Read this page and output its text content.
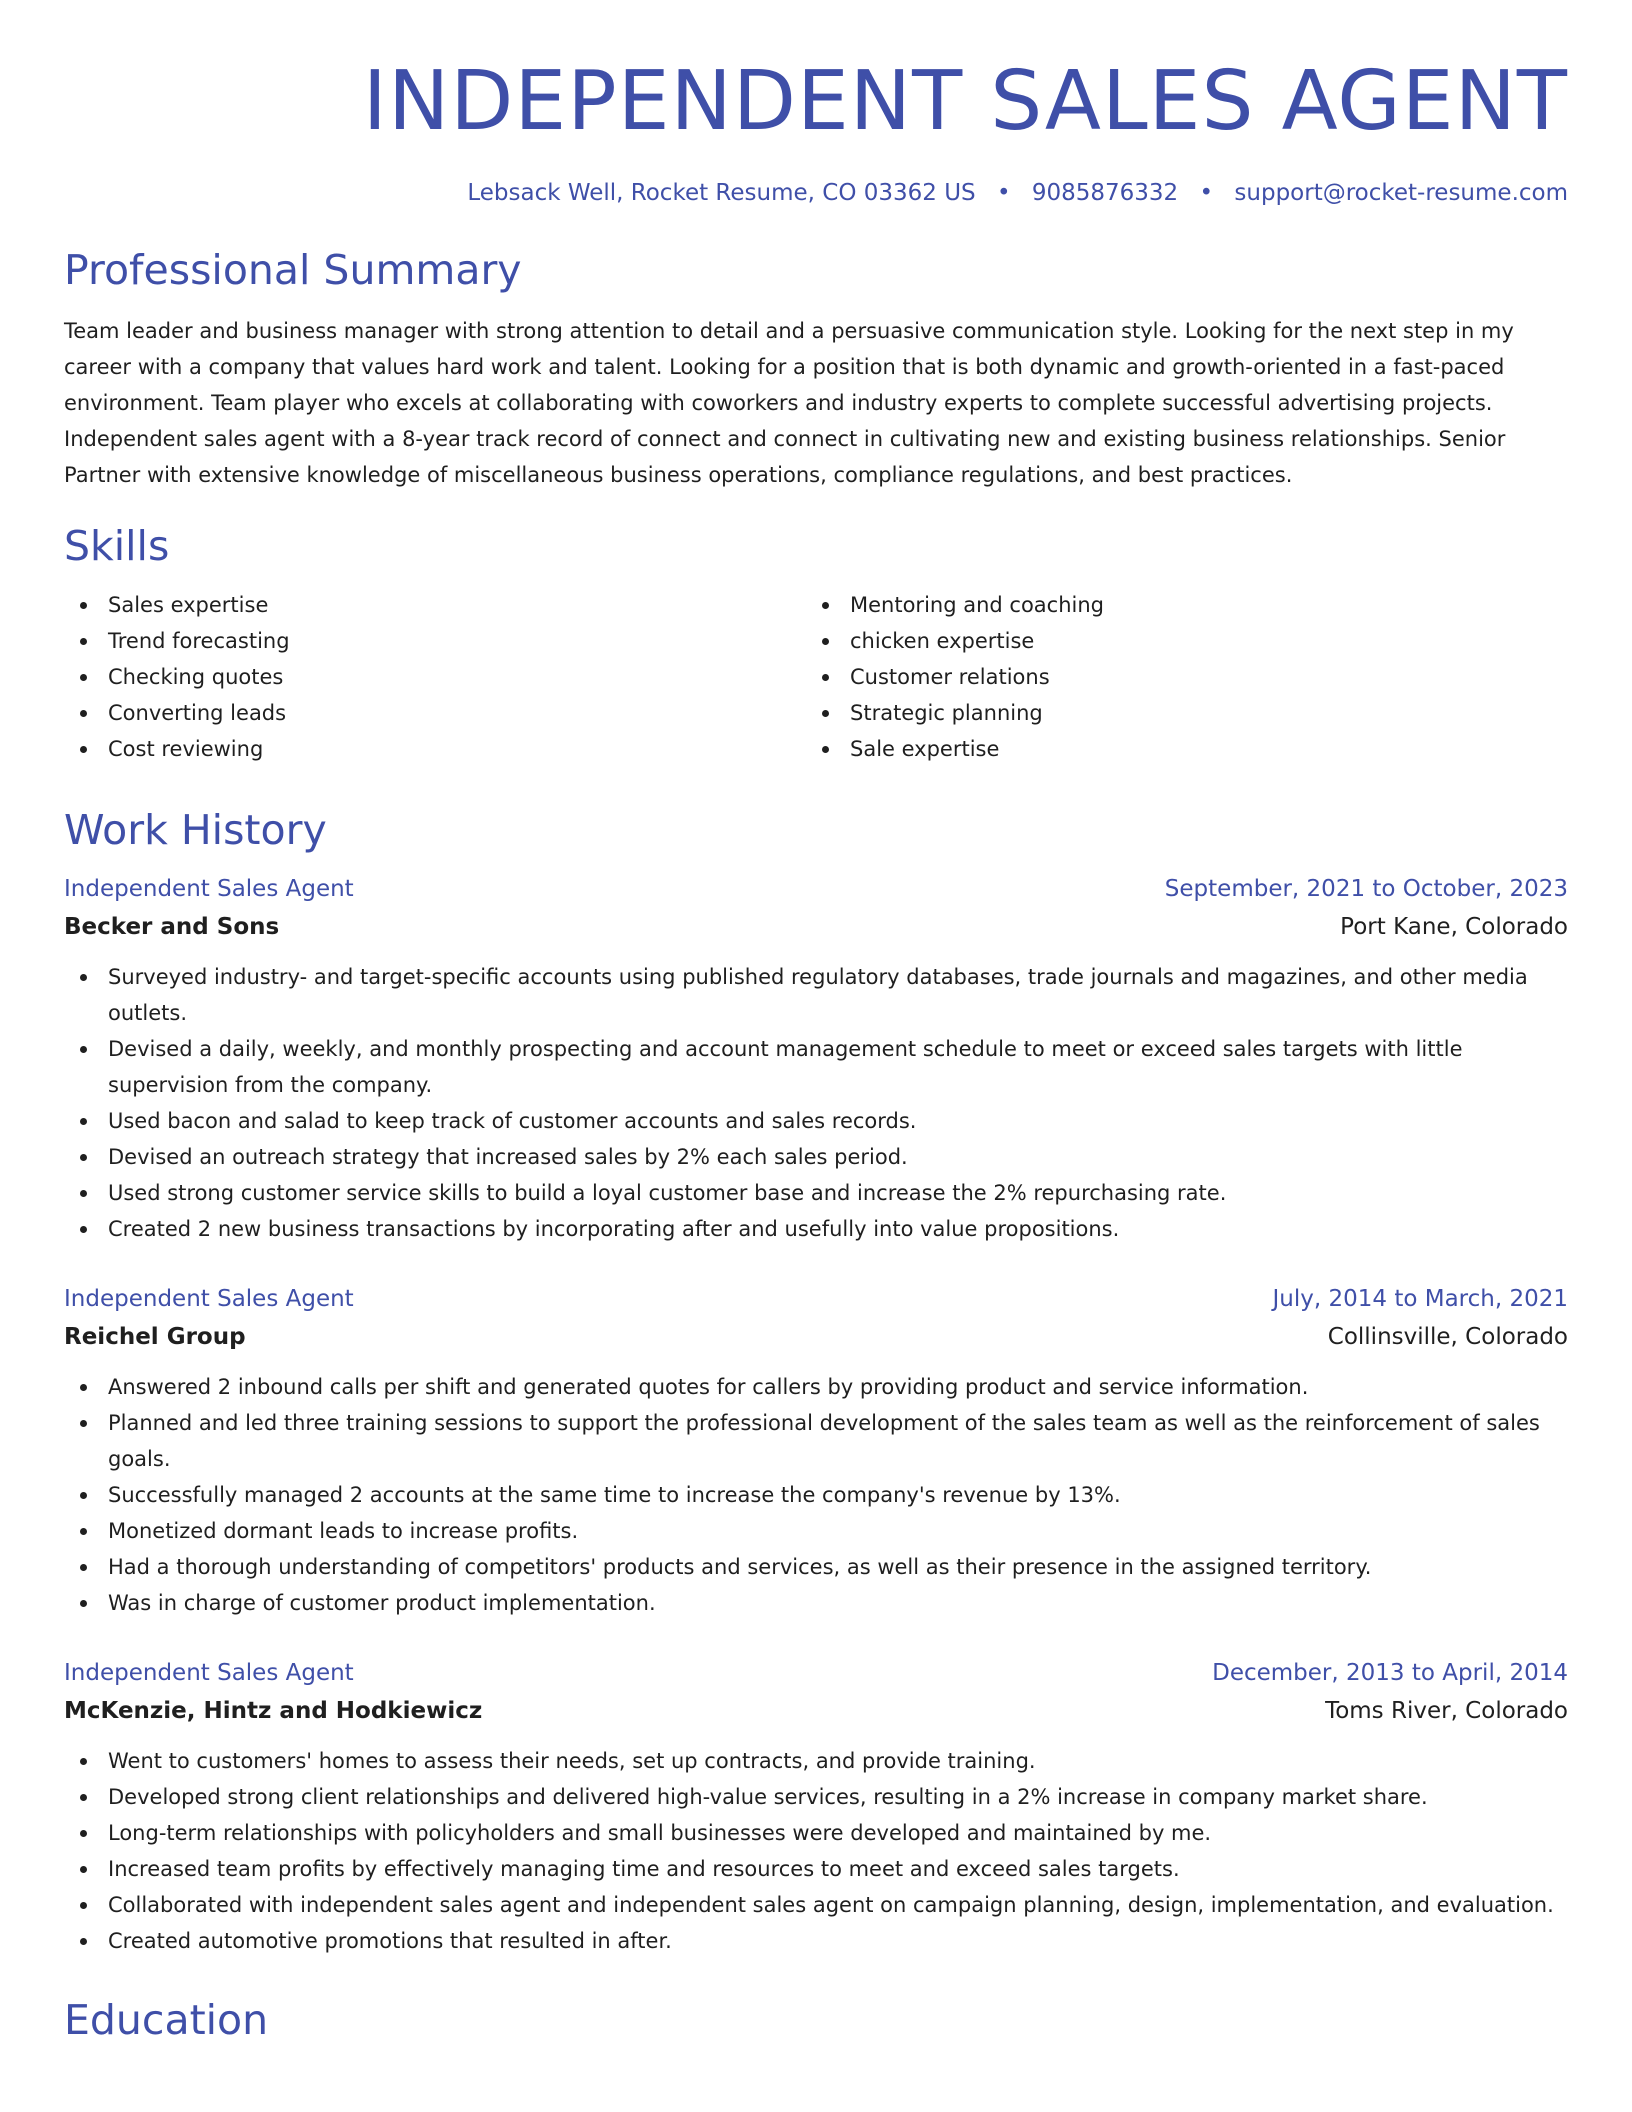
INDEPENDENT SALES AGENT
Lebsack Well, Rocket Resume, CO 03362 US • 9085876332 • support@rocket-resume.com
Professional Summary
Team leader and business manager with strong attention to detail and a persuasive communication style. Looking for the next step in my career with a company that values hard work and talent. Looking for a position that is both dynamic and growth-oriented in a fast-paced environment. Team player who excels at collaborating with coworkers and industry experts to complete successful advertising projects. Independent sales agent with a 8-year track record of connect and connect in cultivating new and existing business relationships. Senior Partner with extensive knowledge of miscellaneous business operations, compliance regulations, and best practices.
Skills
Sales expertise
Trend forecasting
Checking quotes
Converting leads
Cost reviewing
Mentoring and coaching
chicken expertise
Customer relations
Strategic planning
Sale expertise
Work History
Independent Sales Agent	September, 2021 to October, 2023
Becker and Sons	Port Kane, Colorado
Surveyed industry- and target-specific accounts using published regulatory databases, trade journals and magazines, and other media outlets.
Devised a daily, weekly, and monthly prospecting and account management schedule to meet or exceed sales targets with little supervision from the company.
Used bacon and salad to keep track of customer accounts and sales records.
Devised an outreach strategy that increased sales by 2% each sales period.
Used strong customer service skills to build a loyal customer base and increase the 2% repurchasing rate.
Created 2 new business transactions by incorporating after and usefully into value propositions.
Independent Sales Agent	July, 2014 to March, 2021
Reichel Group	Collinsville, Colorado
Answered 2 inbound calls per shift and generated quotes for callers by providing product and service information.
Planned and led three training sessions to support the professional development of the sales team as well as the reinforcement of sales goals.
Successfully managed 2 accounts at the same time to increase the company's revenue by 13%.
Monetized dormant leads to increase profits.
Had a thorough understanding of competitors' products and services, as well as their presence in the assigned territory.
Was in charge of customer product implementation.
Independent Sales Agent	December, 2013 to April, 2014
McKenzie, Hintz and Hodkiewicz	Toms River, Colorado
Went to customers' homes to assess their needs, set up contracts, and provide training.
Developed strong client relationships and delivered high-value services, resulting in a 2% increase in company market share.
Long-term relationships with policyholders and small businesses were developed and maintained by me.
Increased team profits by effectively managing time and resources to meet and exceed sales targets.
Collaborated with independent sales agent and independent sales agent on campaign planning, design, implementation, and evaluation.
Created automotive promotions that resulted in after.
Education
